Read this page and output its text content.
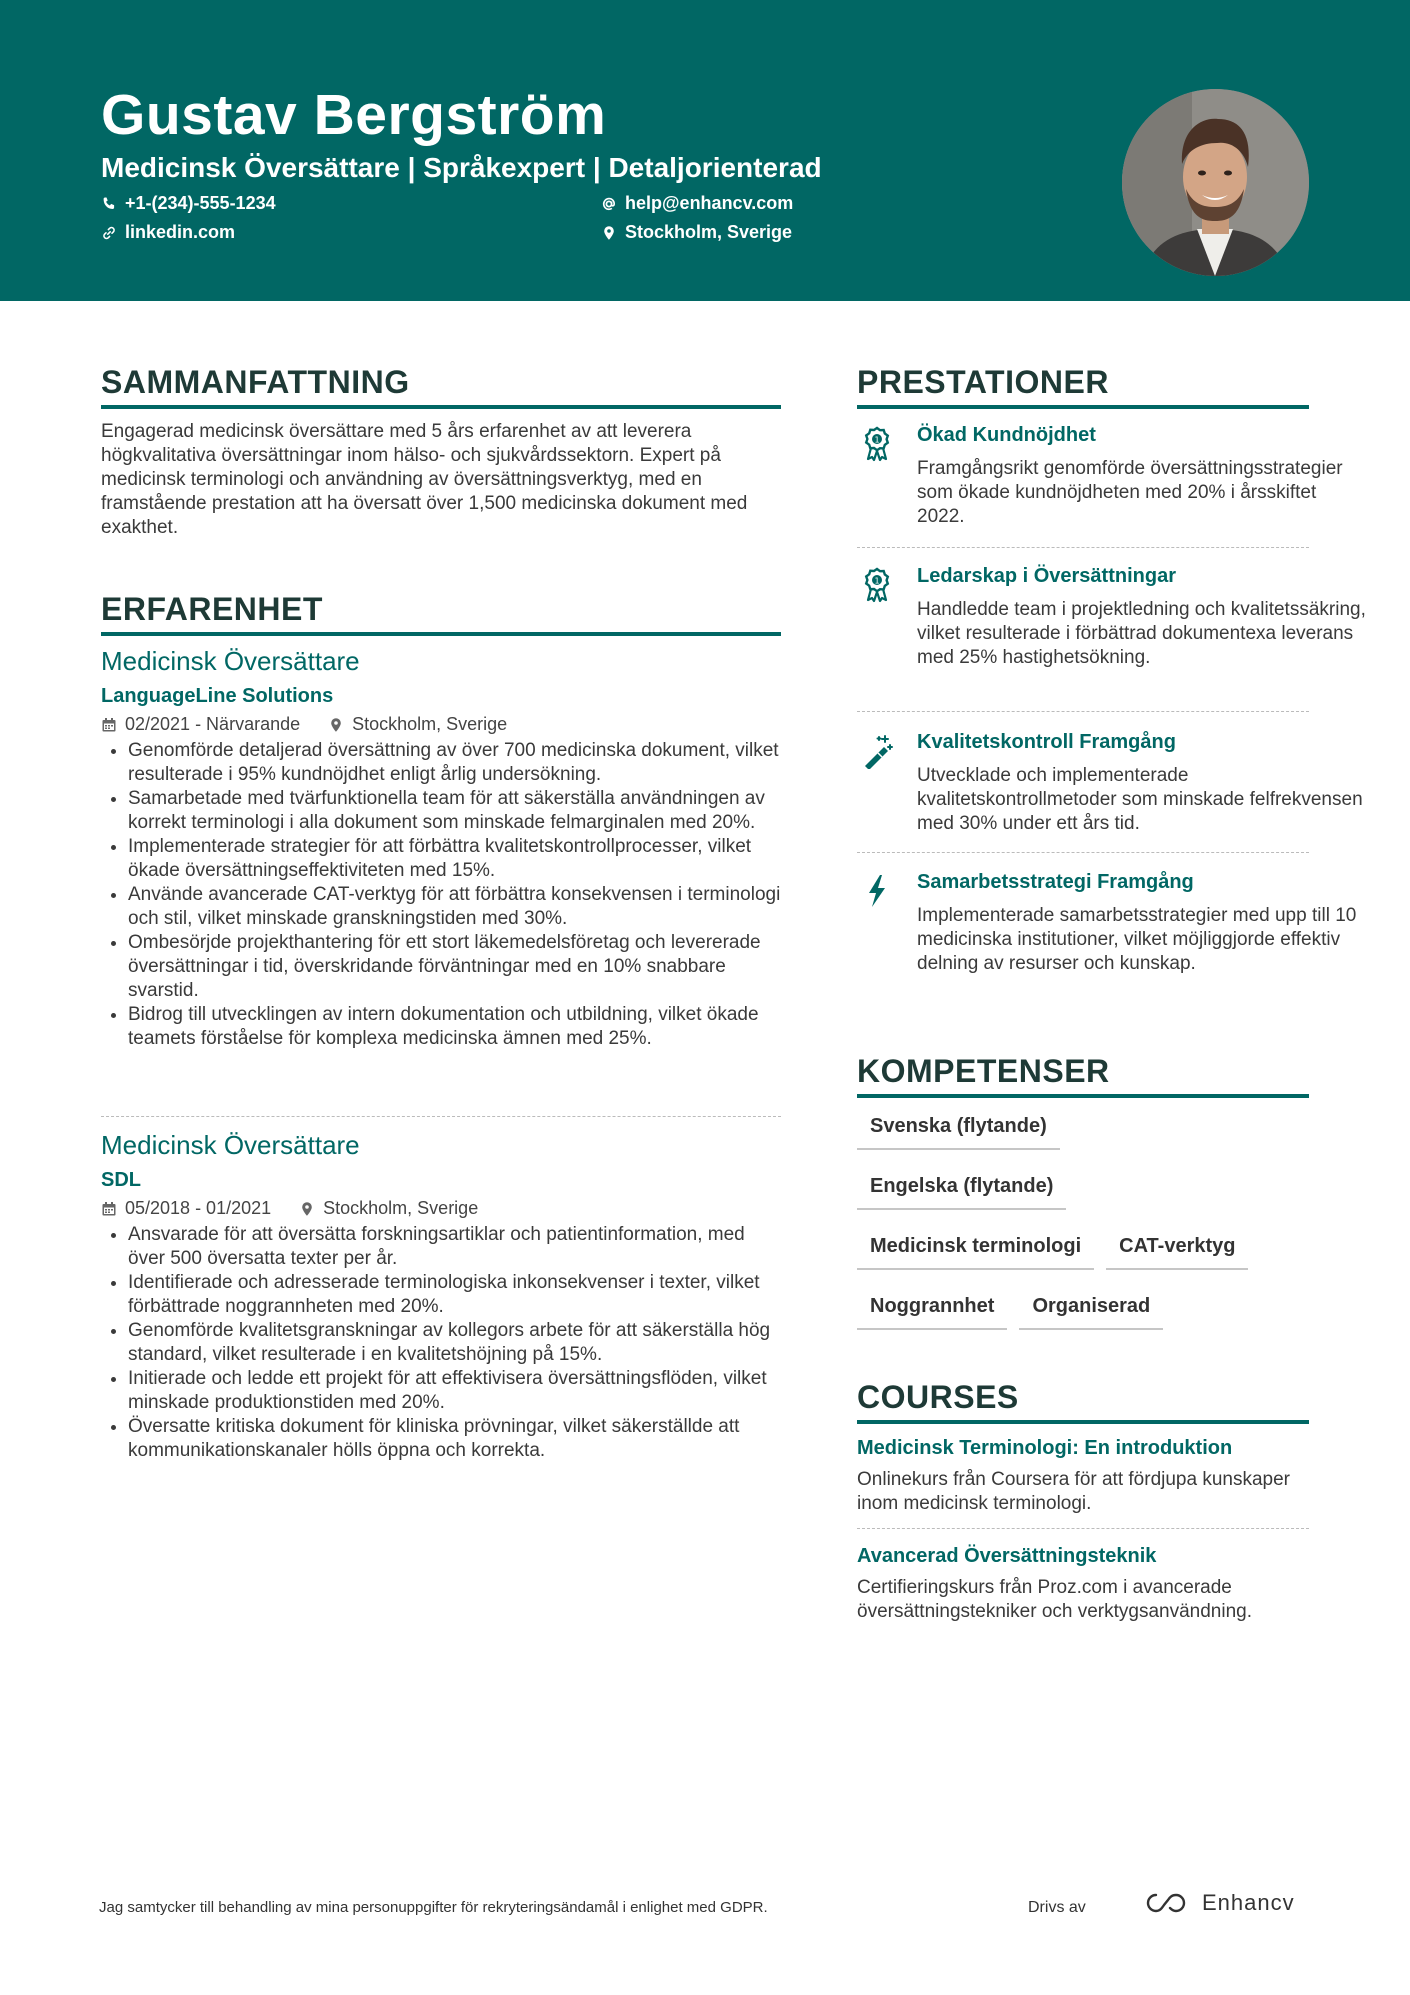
Gustav Bergström
Medicinsk Översättare | Språkexpert | Detaljorienterad
+1-(234)-555-1234	help@enhancv.com
linkedin.com	Stockholm, Sverige
SAMMANFATTNING
Engagerad medicinsk översättare med 5 års erfarenhet av att leverera högkvalitativa översättningar inom hälso- och sjukvårdssektorn. Expert på medicinsk terminologi och användning av översättningsverktyg, med en framstående prestation att ha översatt över 1,500 medicinska dokument med exakthet.
ERFARENHET
Medicinsk Översättare
LanguageLine Solutions
02/2021 - Närvarande	Stockholm, Sverige
• Genomförde detaljerad översättning av över 700 medicinska dokument, vilket resulterade i 95% kundnöjdhet enligt årlig undersökning.
• Samarbetade med tvärfunktionella team för att säkerställa användningen av korrekt terminologi i alla dokument som minskade felmarginalen med 20%.
• Implementerade strategier för att förbättra kvalitetskontrollprocesser, vilket ökade översättningseffektiviteten med 15%.
• Använde avancerade CAT-verktyg för att förbättra konsekvensen i terminologi och stil, vilket minskade granskningstiden med 30%.
• Ombesörjde projekthantering för ett stort läkemedelsföretag och levererade översättningar i tid, överskridande förväntningar med en 10% snabbare svarstid.
• Bidrog till utvecklingen av intern dokumentation och utbildning, vilket ökade teamets förståelse för komplexa medicinska ämnen med 25%.
Medicinsk Översättare
SDL
05/2018 - 01/2021	Stockholm, Sverige
• Ansvarade för att översätta forskningsartiklar och patientinformation, med över 500 översatta texter per år.
• Identifierade och adresserade terminologiska inkonsekvenser i texter, vilket förbättrade noggrannheten med 20%.
• Genomförde kvalitetsgranskningar av kollegors arbete för att säkerställa hög standard, vilket resulterade i en kvalitetshöjning på 15%.
• Initierade och ledde ett projekt för att effektivisera översättningsflöden, vilket minskade produktionstiden med 20%.
• Översatte kritiska dokument för kliniska prövningar, vilket säkerställde att kommunikationskanaler hölls öppna och korrekta.
PRESTATIONER
1 Ökad Kundnöjdhet
Framgångsrikt genomförde översättningsstrategier som ökade kundnöjdheten med 20% i årsskiftet 2022.
1 Ledarskap i Översättningar
Handledde team i projektledning och kvalitetssäkring, vilket resulterade i förbättrad dokumentexa leverans med 25% hastighetsökning.
Kvalitetskontroll Framgång
Utvecklade och implementerade kvalitetskontrollmetoder som minskade felfrekvensen med 30% under ett års tid.
Samarbetsstrategi Framgång
Implementerade samarbetsstrategier med upp till 10 medicinska institutioner, vilket möjliggjorde effektiv delning av resurser och kunskap.
KOMPETENSER
Svenska (flytande)
Engelska (flytande)
Medicinsk terminologi	CAT-verktyg
Noggrannhet	Organiserad
COURSES
Medicinsk Terminologi: En introduktion
Onlinekurs från Coursera för att fördjupa kunskaper inom medicinsk terminologi.
Avancerad Översättningsteknik
Certifieringskurs från Proz.com i avancerade översättningstekniker och verktygsanvändning.
Jag samtycker till behandling av mina personuppgifter för rekryteringsändamål i enlighet med GDPR.	Drivs av	Enhancv
